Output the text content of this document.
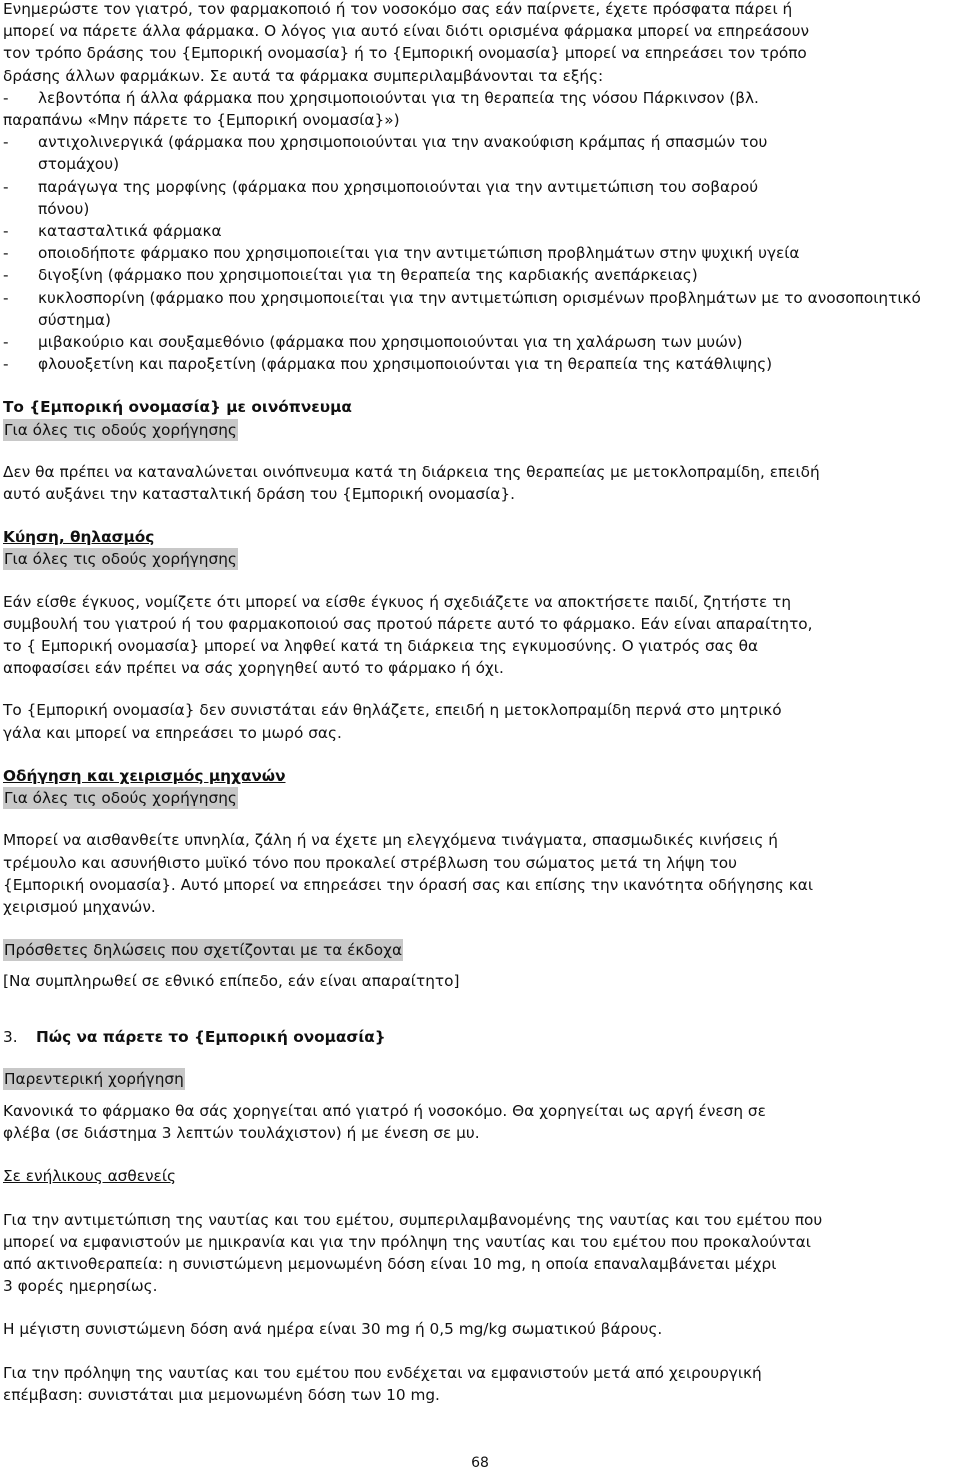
Ενημερώστε τον γιατρό, τον φαρμακοποιό ή τον νοσοκόμο σας εάν παίρνετε, έχετε πρόσφατα πάρει ή

μπορεί να πάρετε άλλα φάρμακα. Ο λόγος για αυτό είναι διότι ορισμένα φάρμακα μπορεί να επηρεάσουν

τον τρόπο δράσης του {Εμπορική ονομασία} ή το {Εμπορική ονομασία} μπορεί να επηρεάσει τον τρόπο

δράσης άλλων φαρμάκων. Σε αυτά τα φάρμακα συμπεριλαμβάνονται τα εξής:

- λεβοντόπα ή άλλα φάρμακα που χρησιμοποιούνται για τη θεραπεία της νόσου Πάρκινσον (βλ.

παραπάνω «Μην πάρετε το {Εμπορική ονομασία}»)

- αντιχολινεργικά (φάρμακα που χρησιμοποιούνται για την ανακούφιση κράμπας ή σπασμών του

στομάχου)

- παράγωγα της μορφίνης (φάρμακα που χρησιμοποιούνται για την αντιμετώπιση του σοβαρού

πόνου)

- κατασταλτικά φάρμακα

- οποιοδήποτε φάρμακο που χρησιμοποιείται για την αντιμετώπιση προβλημάτων στην ψυχική υγεία

- διγοξίνη (φάρμακο που χρησιμοποιείται για τη θεραπεία της καρδιακής ανεπάρκειας)

- κυκλοσπορίνη (φάρμακο που χρησιμοποιείται για την αντιμετώπιση ορισμένων προβλημάτων με το ανοσοποιητικό σύστημα)

- μιβακούριο και σουξαμεθόνιο (φάρμακα που χρησιμοποιούνται για τη χαλάρωση των μυών)

- φλουοξετίνη και παροξετίνη (φάρμακα που χρησιμοποιούνται για τη θεραπεία της κατάθλιψης)

Το {Εμπορική ονομασία} με οινόπνευμα

Για όλες τις οδούς χορήγησης

Δεν θα πρέπει να καταναλώνεται οινόπνευμα κατά τη διάρκεια της θεραπείας με μετοκλοπραμίδη, επειδή

αυτό αυξάνει την κατασταλτική δράση του {Εμπορική ονομασία}.

Κύηση, θηλασμός

Για όλες τις οδούς χορήγησης

Εάν είσθε έγκυος, νομίζετε ότι μπορεί να είσθε έγκυος ή σχεδιάζετε να αποκτήσετε παιδί, ζητήστε τη

συμβουλή του γιατρού ή του φαρμακοποιού σας προτού πάρετε αυτό το φάρμακο. Εάν είναι απαραίτητο,

το { Εμπορική ονομασία} μπορεί να ληφθεί κατά τη διάρκεια της εγκυμοσύνης. Ο γιατρός σας θα

αποφασίσει εάν πρέπει να σάς χορηγηθεί αυτό το φάρμακο ή όχι.

Το {Εμπορική ονομασία} δεν συνιστάται εάν θηλάζετε, επειδή η μετοκλοπραμίδη περνά στο μητρικό

γάλα και μπορεί να επηρεάσει το μωρό σας.

Οδήγηση και χειρισμός μηχανών

Για όλες τις οδούς χορήγησης

Μπορεί να αισθανθείτε υπνηλία, ζάλη ή να έχετε μη ελεγχόμενα τινάγματα, σπασμωδικές κινήσεις ή

τρέμουλο και ασυνήθιστο μυϊκό τόνο που προκαλεί στρέβλωση του σώματος μετά τη λήψη του

{Εμπορική ονομασία}. Αυτό μπορεί να επηρεάσει την όρασή σας και επίσης την ικανότητα οδήγησης και

χειρισμού μηχανών.

Πρόσθετες δηλώσεις που σχετίζονται με τα έκδοχα

[Να συμπληρωθεί σε εθνικό επίπεδο, εάν είναι απαραίτητο]

3. Πώς να πάρετε το {Εμπορική ονομασία}

Παρεντερική χορήγηση

Κανονικά το φάρμακο θα σάς χορηγείται από γιατρό ή νοσοκόμο. Θα χορηγείται ως αργή ένεση σε

φλέβα (σε διάστημα 3 λεπτών τουλάχιστον) ή με ένεση σε μυ.

Σε ενήλικους ασθενείς

Για την αντιμετώπιση της ναυτίας και του εμέτου, συμπεριλαμβανομένης της ναυτίας και του εμέτου που

μπορεί να εμφανιστούν με ημικρανία και για την πρόληψη της ναυτίας και του εμέτου που προκαλούνται

από ακτινοθεραπεία: η συνιστώμενη μεμονωμένη δόση είναι 10 mg, η οποία επαναλαμβάνεται μέχρι

3 φορές ημερησίως.

Η μέγιστη συνιστώμενη δόση ανά ημέρα είναι 30 mg ή 0,5 mg/kg σωματικού βάρους.

Για την πρόληψη της ναυτίας και του εμέτου που ενδέχεται να εμφανιστούν μετά από χειρουργική

επέμβαση: συνιστάται μια μεμονωμένη δόση των 10 mg.

68
